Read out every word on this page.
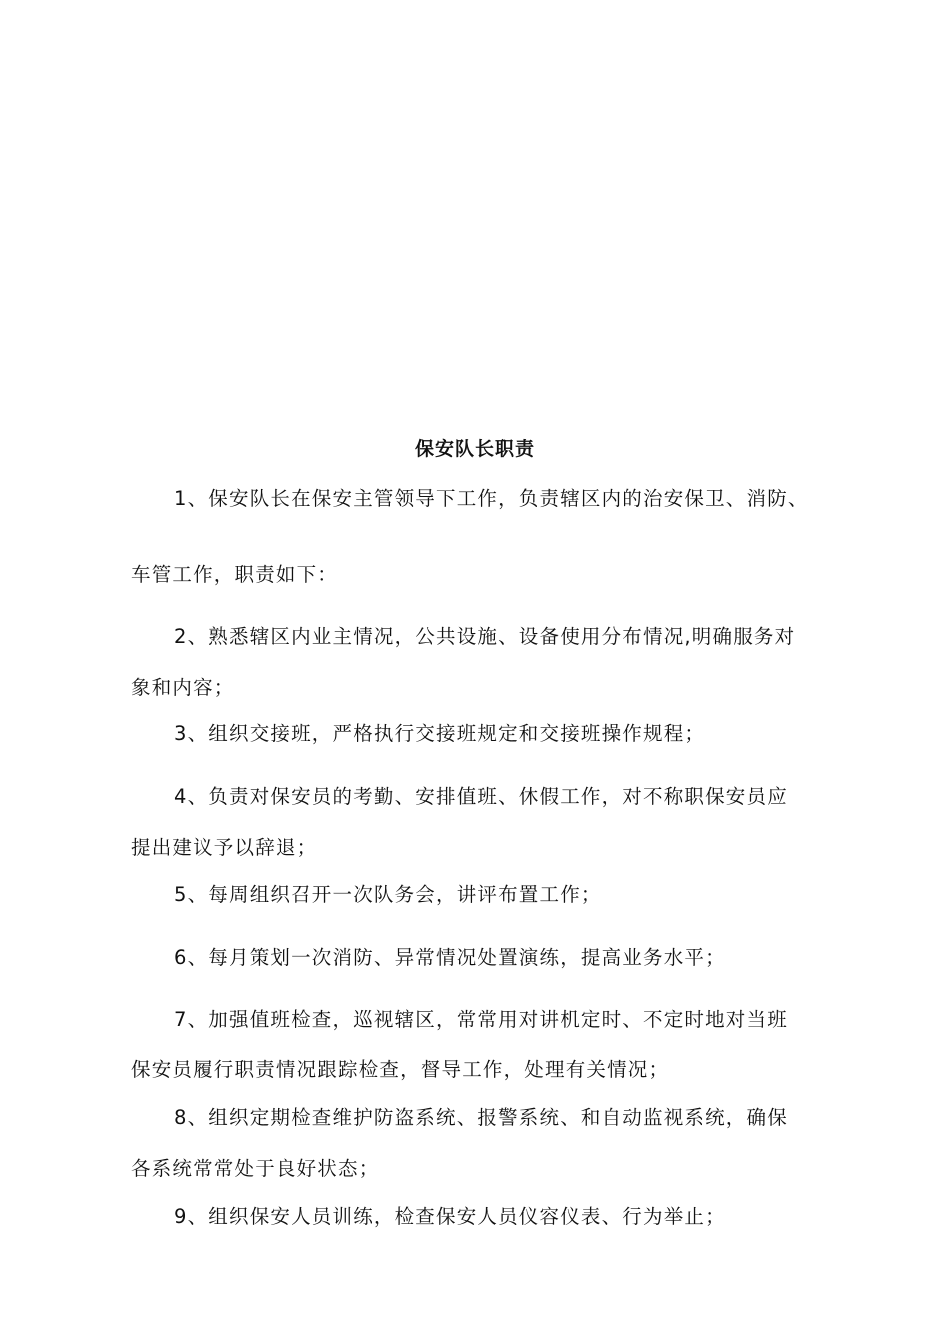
保安队长职责
1、保安队长在保安主管领导下工作，负责辖区内的治安保卫、消防、
车管工作，职责如下：
2、熟悉辖区内业主情况，公共设施、设备使用分布情况,明确服务对
象和内容；
3、组织交接班，严格执行交接班规定和交接班操作规程；
4、负责对保安员的考勤、安排值班、休假工作，对不称职保安员应
提出建议予以辞退；
5、每周组织召开一次队务会，讲评布置工作；
6、每月策划一次消防、异常情况处置演练，提高业务水平；
7、加强值班检查，巡视辖区，常常用对讲机定时、不定时地对当班
保安员履行职责情况跟踪检查，督导工作，处理有关情况；
8、组织定期检查维护防盗系统、报警系统、和自动监视系统，确保
各系统常常处于良好状态；
9、组织保安人员训练，检查保安人员仪容仪表、行为举止；
